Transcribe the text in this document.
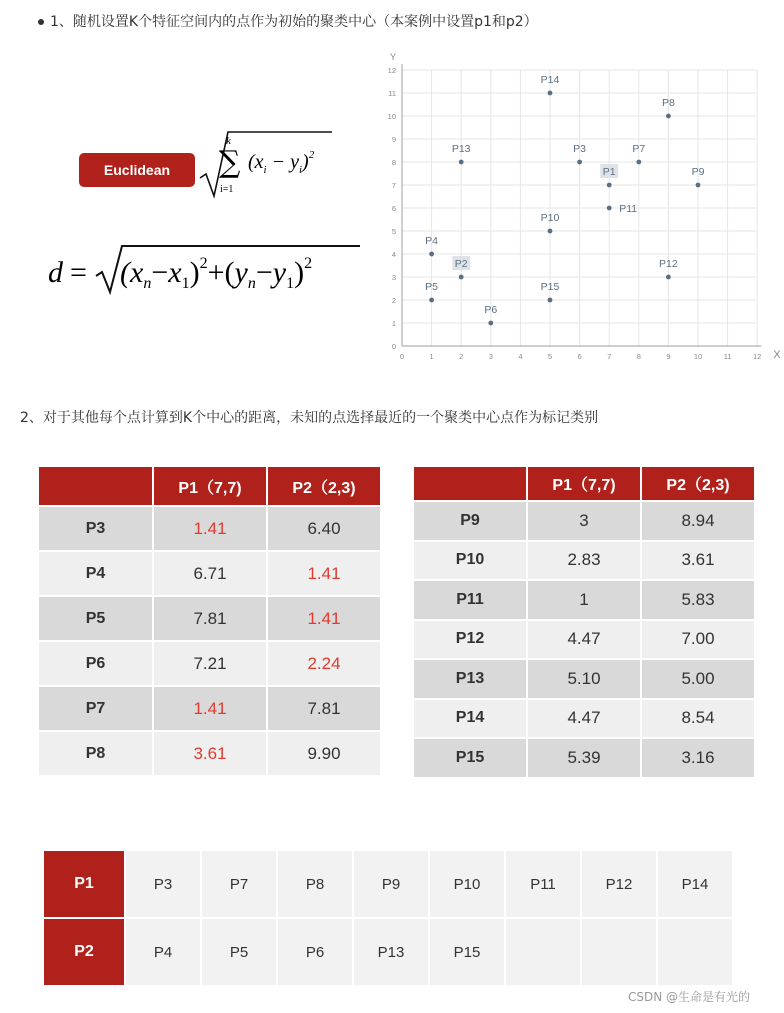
1、随机设置K个特征空间内的点作为初始的聚类中心（本案例中设置p1和p2）
Euclidean
k
∑
i=1
$(x_i - y_i)^2$
$d = (x_n-x_1)^2+(y_n-y_1)^2$
0	1	2	3	4	5	6	7	8	9	10	11	12
0
1
2
3
4
5
6
7
8
9
10
11
12
X
Y
P1
P2
P3
P4
P5
P6
P7
P8
P9
P10
P11
P12
P13
P14
P15
2、对于其他每个点计算到K个中心的距离，未知的点选择最近的一个聚类中心点作为标记类别
	P1（7,7)	P2（2,3)
P3	1.41	6.40
P4	6.71	1.41
P5	7.81	1.41
P6	7.21	2.24
P7	1.41	7.81
P8	3.61	9.90
	P1（7,7)	P2（2,3)
P9	3	8.94
P10	2.83	3.61
P11	1	5.83
P12	4.47	7.00
P13	5.10	5.00
P14	4.47	8.54
P15	5.39	3.16
P1	P3	P7	P8	P9	P10	P11	P12	P14
P2	P4	P5	P6	P13	P15			
CSDN @生命是有光的
